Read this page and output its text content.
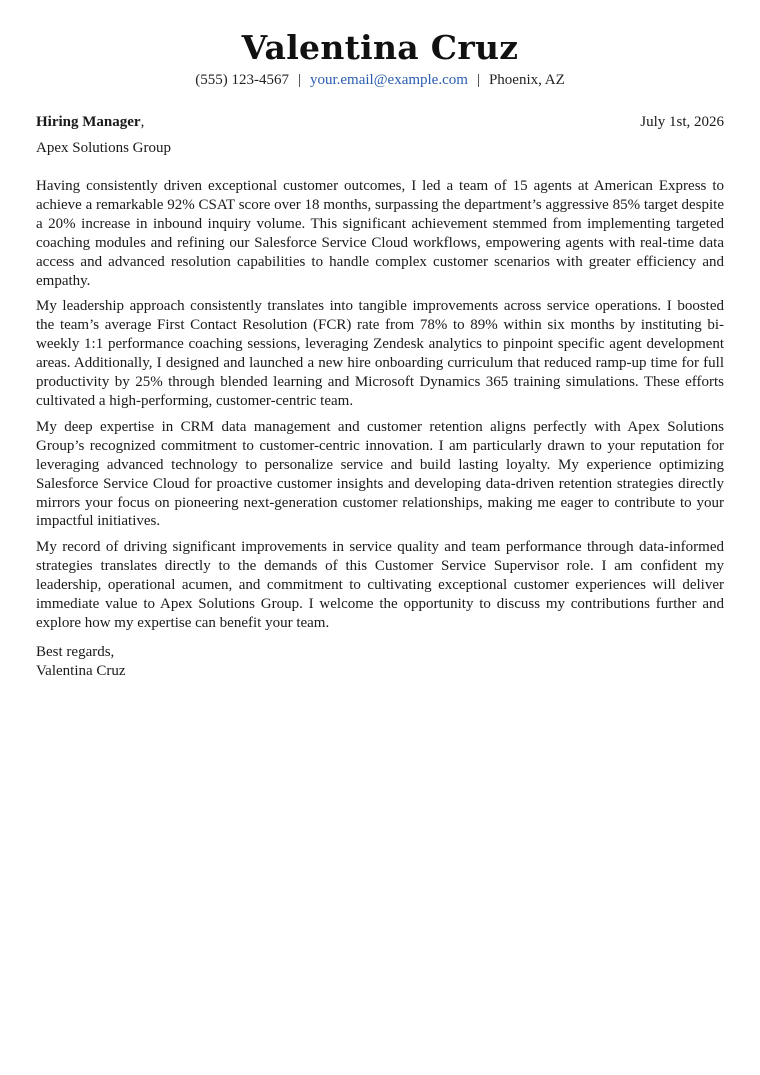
Valentina Cruz
(555) 123-4567 | your.email@example.com | Phoenix, AZ
Hiring Manager,	July 1st, 2026
Apex Solutions Group

Having consistently driven exceptional customer outcomes, I led a team of 15 agents at American Express to achieve a remarkable 92% CSAT score over 18 months, surpassing the department’s aggressive 85% target despite a 20% increase in inbound inquiry volume. This significant achievement stemmed from implementing targeted coaching modules and refining our Salesforce Service Cloud workflows, empowering agents with real-time data access and advanced resolution capabilities to handle complex customer scenarios with greater efficiency and empathy.

My leadership approach consistently translates into tangible improvements across service operations. I boosted the team’s average First Contact Resolution (FCR) rate from 78% to 89% within six months by instituting bi-weekly 1:1 performance coaching sessions, leveraging Zendesk analytics to pinpoint specific agent development areas. Additionally, I designed and launched a new hire onboarding curriculum that reduced ramp-up time for full productivity by 25% through blended learning and Microsoft Dynamics 365 training simulations. These efforts cultivated a high-performing, customer-centric team.

My deep expertise in CRM data management and customer retention aligns perfectly with Apex Solutions Group’s recognized commitment to customer-centric innovation. I am particularly drawn to your reputation for leveraging advanced technology to personalize service and build lasting loyalty. My experience optimizing Salesforce Service Cloud for proactive customer insights and developing data-driven retention strategies directly mirrors your focus on pioneering next-generation customer relationships, making me eager to contribute to your impactful initiatives.

My record of driving significant improvements in service quality and team performance through data-informed strategies translates directly to the demands of this Customer Service Supervisor role. I am confident my leadership, operational acumen, and commitment to cultivating exceptional customer experiences will deliver immediate value to Apex Solutions Group. I welcome the opportunity to discuss my contributions further and explore how my expertise can benefit your team.

Best regards,
Valentina Cruz
